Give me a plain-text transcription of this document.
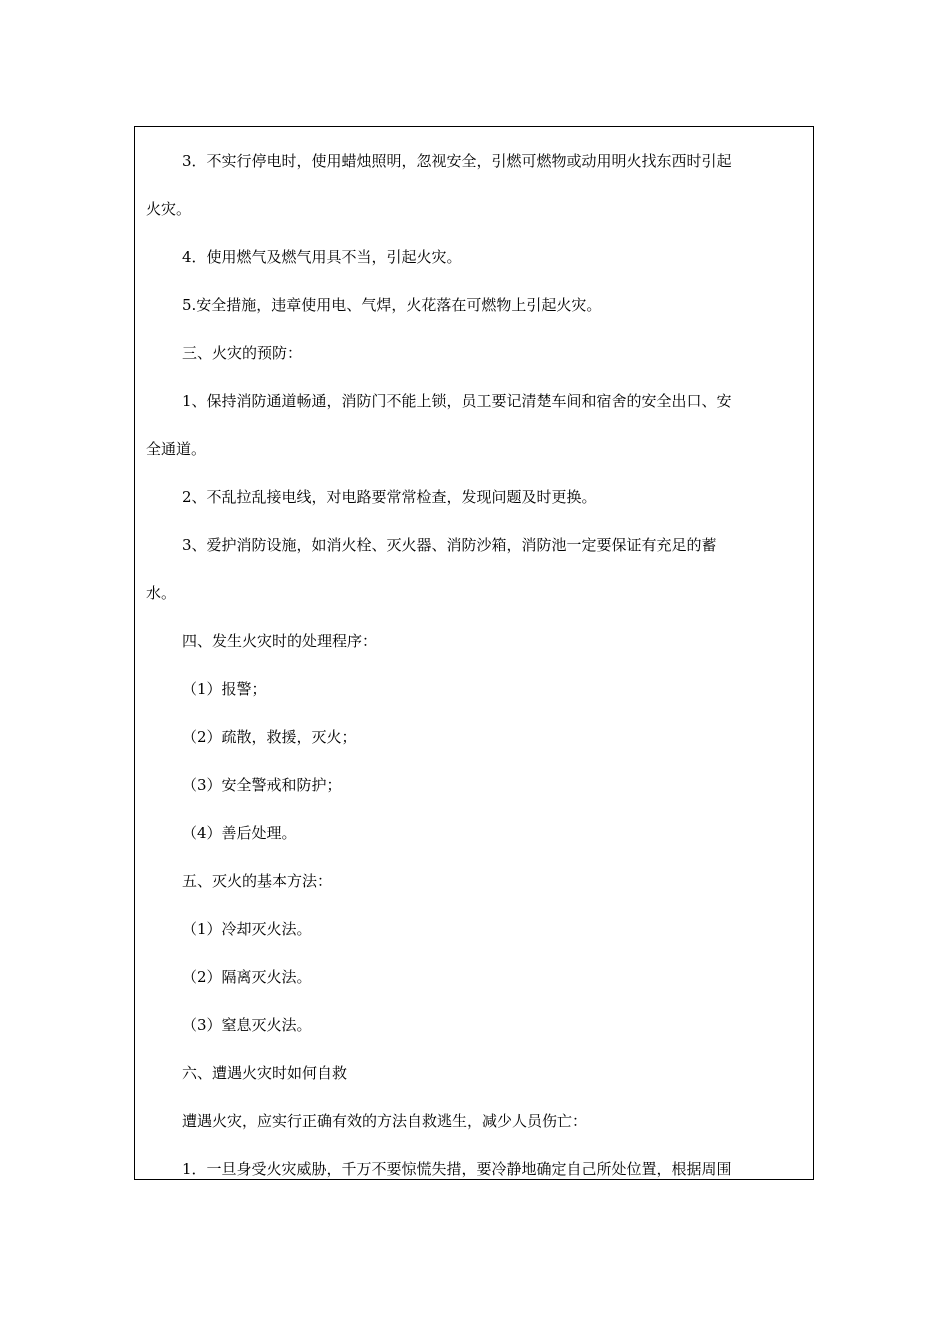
3．不实行停电时，使用蜡烛照明，忽视安全，引燃可燃物或动用明火找东西时引起

火灾。

4．使用燃气及燃气用具不当，引起火灾。

5.安全措施，违章使用电、气焊，火花落在可燃物上引起火灾。

三、火灾的预防：

1、保持消防通道畅通，消防门不能上锁，员工要记清楚车间和宿舍的安全出口、安

全通道。

2、不乱拉乱接电线，对电路要常常检查，发现问题及时更换。

3、爱护消防设施，如消火栓、灭火器、消防沙箱，消防池一定要保证有充足的蓄

水。

四、发生火灾时的处理程序：

（1）报警；

（2）疏散，救援，灭火；

（3）安全警戒和防护；

（4）善后处理。

五、灭火的基本方法：

（1）冷却灭火法。

（2）隔离灭火法。

（3）窒息灭火法。

六、遭遇火灾时如何自救

遭遇火灾，应实行正确有效的方法自救逃生，减少人员伤亡：

1．一旦身受火灾威胁，千万不要惊慌失措，要冷静地确定自己所处位置，根据周围
